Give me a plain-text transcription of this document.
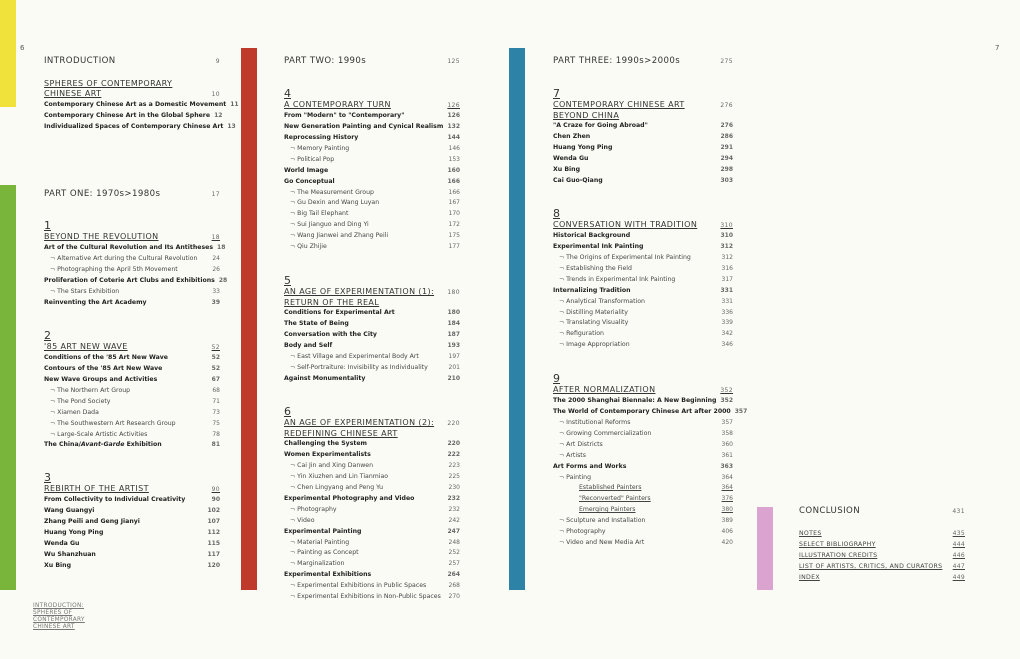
6	7
INTRODUCTION	9
SPHERES OF CONTEMPORARY
CHINESE ART	10
Contemporary Chinese Art as a Domestic Movement 11
Contemporary Chinese Art in the Global Sphere 12
Individualized Spaces of Contemporary Chinese Art 13
PART ONE: 1970s>1980s	17
1
BEYOND THE REVOLUTION	18
Art of the Cultural Revolution and Its Antitheses 18
¬ Alternative Art during the Cultural Revolution 24
¬ Photographing the April 5th Movement	26
Proliferation of Coterie Art Clubs and Exhibitions 28
¬ The Stars Exhibition	33
Reinventing the Art Academy	39
2
'85 ART NEW WAVE	52
Conditions of the '85 Art New Wave	52
Contours of the '85 Art New Wave	52
New Wave Groups and Activities	67
¬ The Northern Art Group	68
¬ The Pond Society	71
¬ Xiamen Dada	73
¬ The Southwestern Art Research Group	75
¬ Large-Scale Artistic Activities	78
The China/Avant-Garde Exhibition	81
3
REBIRTH OF THE ARTIST	90
From Collectivity to Individual Creativity	90
Wang Guangyi	102
Zhang Peili and Geng Jianyi	107
Huang Yong Ping	112
Wenda Gu	115
Wu Shanzhuan	117
Xu Bing	120
PART TWO: 1990s	125
4
A CONTEMPORARY TURN	126
From "Modern" to "Contemporary"	126
New Generation Painting and Cynical Realism 132
Reprocessing History	144
¬ Memory Painting	146
¬ Political Pop	153
World Image	160
Go Conceptual	166
¬ The Measurement Group	166
¬ Gu Dexin and Wang Luyan	167
¬ Big Tail Elephant	170
¬ Sui Jianguo and Ding Yi	172
¬ Wang Jianwei and Zhang Peili	175
¬ Qiu Zhijie	177
5
AN AGE OF EXPERIMENTATION (1): 180
RETURN OF THE REAL
Conditions for Experimental Art	180
The State of Being	184
Conversation with the City	187
Body and Self	193
¬ East Village and Experimental Body Art	197
¬ Self-Portraiture: Invisibility as Individuality	201
Against Monumentality	210
6
AN AGE OF EXPERIMENTATION (2): 220
REDEFINING CHINESE ART
Challenging the System	220
Women Experimentalists	222
¬ Cai Jin and Xing Danwen	223
¬ Yin Xiuzhen and Lin Tianmiao	225
¬ Chen Lingyang and Peng Yu	230
Experimental Photography and Video	232
¬ Photography	232
¬ Video	242
Experimental Painting	247
¬ Material Painting	248
¬ Painting as Concept	252
¬ Marginalization	257
Experimental Exhibitions	264
¬ Experimental Exhibitions in Public Spaces	268
¬ Experimental Exhibitions in Non-Public Spaces 270
PART THREE: 1990s>2000s	275
7
CONTEMPORARY CHINESE ART	276
BEYOND CHINA
"A Craze for Going Abroad"	276
Chen Zhen	286
Huang Yong Ping	291
Wenda Gu	294
Xu Bing	298
Cai Guo-Qiang	303
8
CONVERSATION WITH TRADITION	310
Historical Background	310
Experimental Ink Painting	312
¬ The Origins of Experimental Ink Painting	312
¬ Establishing the Field	316
¬ Trends in Experimental Ink Painting	317
Internalizing Tradition	331
¬ Analytical Transformation	331
¬ Distilling Materiality	336
¬ Translating Visuality	339
¬ Refiguration	342
¬ Image Appropriation	346
9
AFTER NORMALIZATION	352
The 2000 Shanghai Biennale: A New Beginning 352
The World of Contemporary Chinese Art after 2000 357
¬ Institutional Reforms	357
¬ Growing Commercialization	358
¬ Art Districts	360
¬ Artists	361
Art Forms and Works	363
¬ Painting	364
Established Painters	364
"Reconverted" Painters	376
Emerging Painters	380
¬ Sculpture and Installation	389
¬ Photography	406
¬ Video and New Media Art	420
CONCLUSION	431
NOTES	435
SELECT BIBLIOGRAPHY	444
ILLUSTRATION CREDITS	446
LIST OF ARTISTS, CRITICS, AND CURATORS 447
INDEX	449
INTRODUCTION:
SPHERES OF
CONTEMPORARY
CHINESE ART
